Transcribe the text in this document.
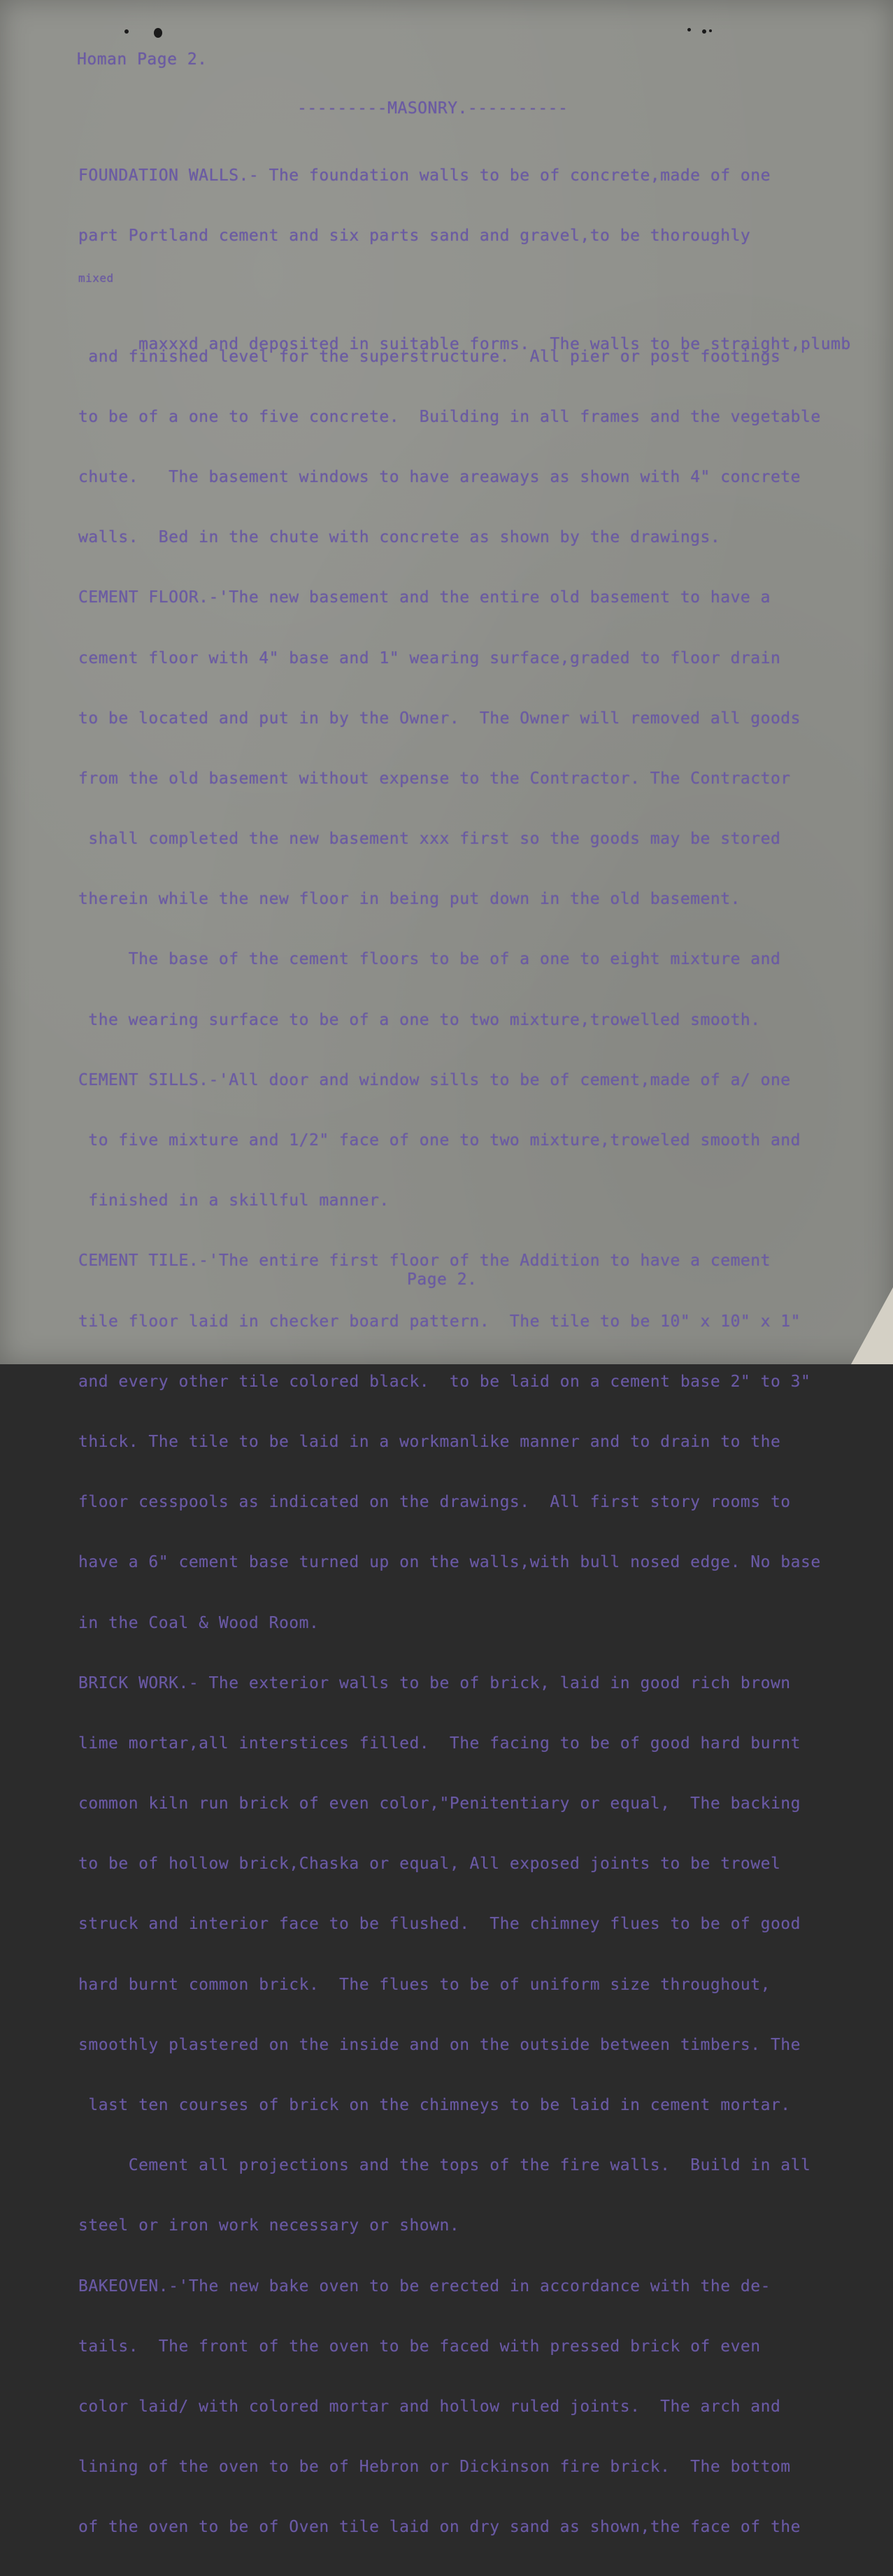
Homan Page 2.

---------MASONRY.----------

FOUNDATION WALLS.- The foundation walls to be of concrete,made of one

part Portland cement and six parts sand and gravel,to be thoroughly

mixed

maxxxd and deposited in suitable forms.  The walls to be straight,plumb

and finished level for the superstructure.  All pier or post footings

to be of a one to five concrete.  Building in all frames and the vegetable

chute.   The basement windows to have areaways as shown with 4" concrete

walls.  Bed in the chute with concrete as shown by the drawings.

CEMENT FLOOR.-'The new basement and the entire old basement to have a

cement floor with 4" base and 1" wearing surface,graded to floor drain

to be located and put in by the Owner.  The Owner will removed all goods

from the old basement without expense to the Contractor. The Contractor

shall completed the new basement xxx first so the goods may be stored

therein while the new floor in being put down in the old basement.

The base of the cement floors to be of a one to eight mixture and

the wearing surface to be of a one to two mixture,trowelled smooth.

CEMENT SILLS.-'All door and window sills to be of cement,made of a/ one

to five mixture and 1/2" face of one to two mixture,troweled smooth and

finished in a skillful manner.

CEMENT TILE.-'The entire first floor of the Addition to have a cement

tile floor laid in checker board pattern.  The tile to be 10" x 10" x 1"

and every other tile colored black.  to be laid on a cement base 2" to 3"

thick. The tile to be laid in a workmanlike manner and to drain to the

floor cesspools as indicated on the drawings.  All first story rooms to

have a 6" cement base turned up on the walls,with bull nosed edge. No base

in the Coal & Wood Room.

BRICK WORK.- The exterior walls to be of brick, laid in good rich brown

lime mortar,all interstices filled.  The facing to be of good hard burnt

common kiln run brick of even color,"Penitentiary or equal,  The backing

to be of hollow brick,Chaska or equal, All exposed joints to be trowel

struck and interior face to be flushed.  The chimney flues to be of good

hard burnt common brick.  The flues to be of uniform size throughout,

smoothly plastered on the inside and on the outside between timbers. The

last ten courses of brick on the chimneys to be laid in cement mortar.

Cement all projections and the tops of the fire walls.  Build in all

steel or iron work necessary or shown.

BAKEOVEN.-'The new bake oven to be erected in accordance with the de-

tails.  The front of the oven to be faced with pressed brick of even

color laid/ with colored mortar and hollow ruled joints.  The arch and

lining of the oven to be of Hebron or Dickinson fire brick.  The bottom

of the oven to be of Oven tile laid on dry sand as shown,the face of the

Page 2.
